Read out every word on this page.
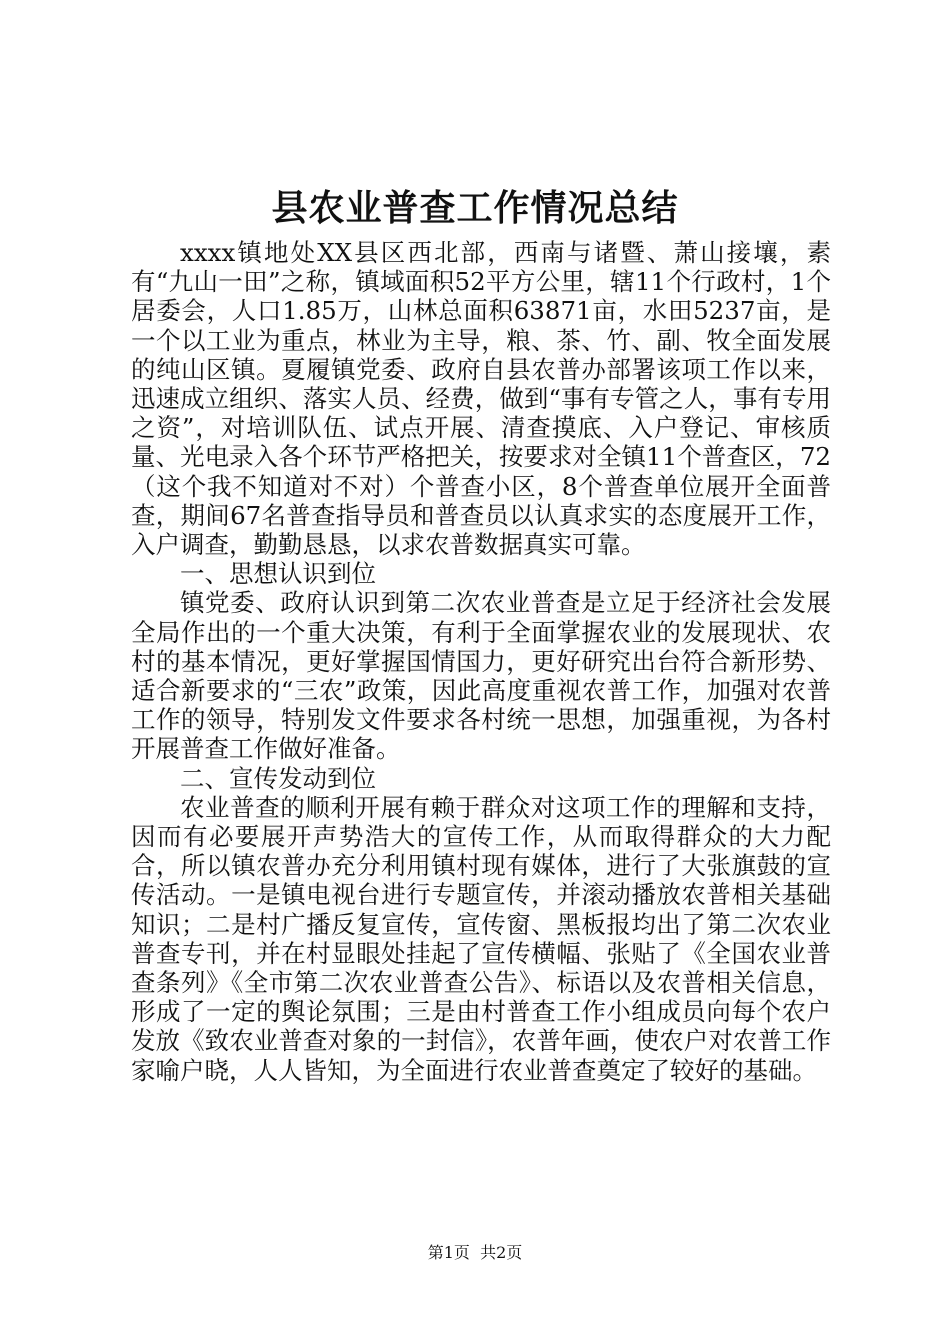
县农业普查工作情况总结

xxxx镇地处XX县区西北部，西南与诸暨、萧山接壤，素有“九山一田”之称，镇域面积52平方公里，辖11个行政村，1个居委会，人口1.85万，山林总面积63871亩，水田5237亩，是一个以工业为重点，林业为主导，粮、茶、竹、副、牧全面发展的纯山区镇。夏履镇党委、政府自县农普办部署该项工作以来，迅速成立组织、落实人员、经费，做到“事有专管之人，事有专用之资”，对培训队伍、试点开展、清查摸底、入户登记、审核质量、光电录入各个环节严格把关，按要求对全镇11个普查区，72（这个我不知道对不对）个普查小区，8个普查单位展开全面普查，期间67名普查指导员和普查员以认真求实的态度展开工作，入户调查，勤勤恳恳，以求农普数据真实可靠。

一、思想认识到位

镇党委、政府认识到第二次农业普查是立足于经济社会发展全局作出的一个重大决策，有利于全面掌握农业的发展现状、农村的基本情况，更好掌握国情国力，更好研究出台符合新形势、适合新要求的“三农”政策，因此高度重视农普工作，加强对农普工作的领导，特别发文件要求各村统一思想，加强重视，为各村开展普查工作做好准备。

二、宣传发动到位

农业普查的顺利开展有赖于群众对这项工作的理解和支持，因而有必要展开声势浩大的宣传工作，从而取得群众的大力配合，所以镇农普办充分利用镇村现有媒体，进行了大张旗鼓的宣传活动。一是镇电视台进行专题宣传，并滚动播放农普相关基础知识；二是村广播反复宣传，宣传窗、黑板报均出了第二次农业普查专刊，并在村显眼处挂起了宣传横幅、张贴了《全国农业普查条列》《全市第二次农业普查公告》、标语以及农普相关信息，形成了一定的舆论氛围；三是由村普查工作小组成员向每个农户发放《致农业普查对象的一封信》，农普年画，使农户对农普工作家喻户晓，人人皆知，为全面进行农业普查奠定了较好的基础。

第1页 共2页
